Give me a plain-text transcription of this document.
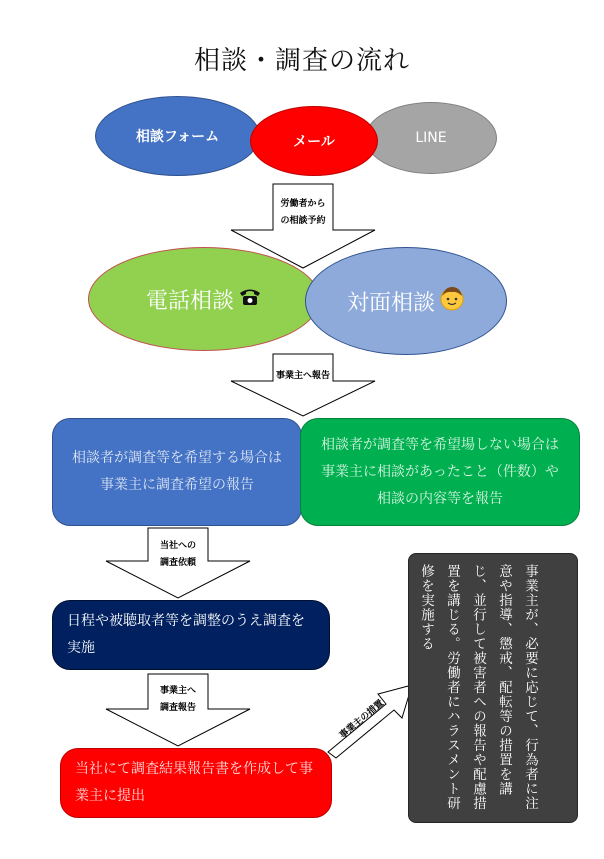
相談・調査の流れ
相談フォーム	メール	LINE
労働者から
の相談予約
電話相談	対面相談
事業主へ報告
相談者が調査等を希望する場合は事業主に調査希望の報告
相談者が調査等を希望場しない場合は事業主に相談があったこと（件数）や相談の内容等を報告
当社への
調査依頼
日程や被聴取者等を調整のうえ調査を実施
事業主へ
調査報告
当社にて調査結果報告書を作成して事業主に提出
事業主の措置	事業主が、必要に応じて、行為者に注意や指導、懲戒、配転等の措置を講じ、並行して被害者への報告や配慮措置を講じる。労働者にハラスメント研修を実施する
